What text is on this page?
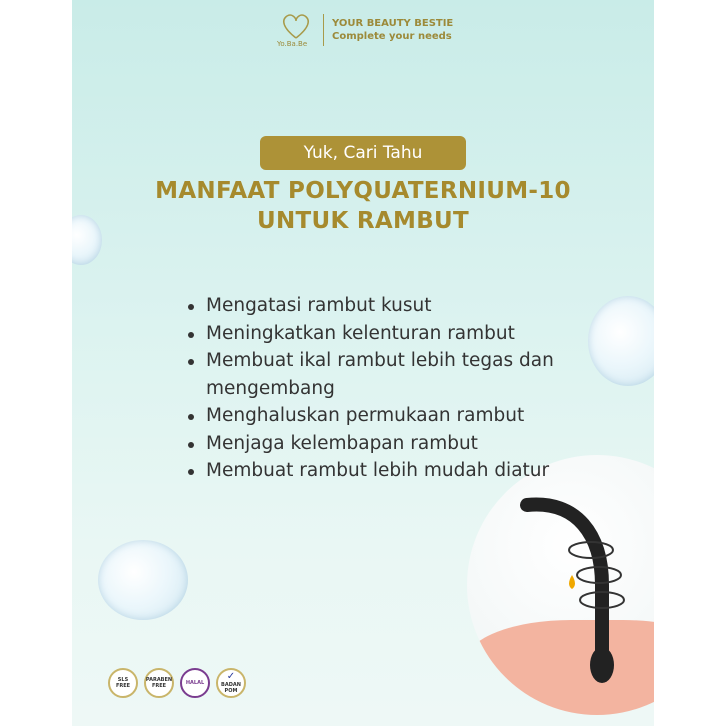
Yo.Ba.Be
YOUR BEAUTY BESTIE
Complete your needs
Yuk, Cari Tahu
MANFAAT POLYQUATERNIUM-10
UNTUK RAMBUT
Mengatasi rambut kusut
Meningkatkan kelenturan rambut
Membuat ikal rambut lebih tegas dan mengembang
Menghaluskan permukaan rambut
Menjaga kelembapan rambut
Membuat rambut lebih mudah diatur
SLS
FREE
PARABEN
FREE	HALAL
✓
BADAN POM
